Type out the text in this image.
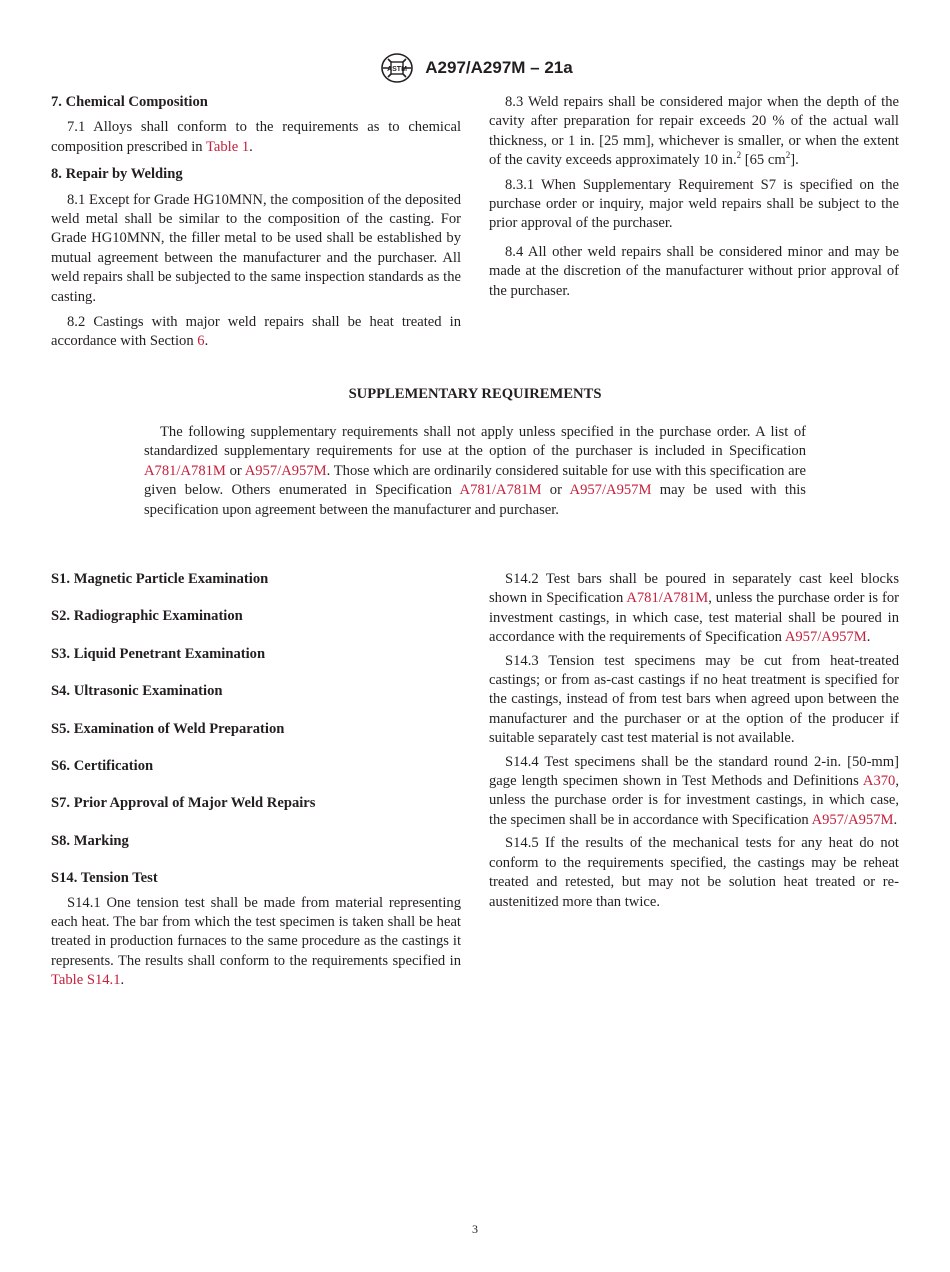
ASTM A297/A297M – 21a

7. Chemical Composition

7.1 Alloys shall conform to the requirements as to chemical composition prescribed in Table 1.

8. Repair by Welding

8.1 Except for Grade HG10MNN, the composition of the deposited weld metal shall be similar to the composition of the casting. For Grade HG10MNN, the filler metal to be used shall be established by mutual agreement between the manufacturer and the purchaser. All weld repairs shall be subjected to the same inspection standards as the casting.

8.2 Castings with major weld repairs shall be heat treated in accordance with Section 6.

8.3 Weld repairs shall be considered major when the depth of the cavity after preparation for repair exceeds 20 % of the actual wall thickness, or 1 in. [25 mm], whichever is smaller, or when the extent of the cavity exceeds approximately 10 in.$^2$ [65 $cm^2$].

8.3.1 When Supplementary Requirement S7 is specified on the purchase order or inquiry, major weld repairs shall be subject to the prior approval of the purchaser.

8.4 All other weld repairs shall be considered minor and may be made at the discretion of the manufacturer without prior approval of the purchaser.

SUPPLEMENTARY REQUIREMENTS

The following supplementary requirements shall not apply unless specified in the purchase order. A list of standardized supplementary requirements for use at the option of the purchaser is included in Specification A781/A781M or A957/A957M. Those which are ordinarily considered suitable for use with this specification are given below. Others enumerated in Specification A781/A781M or A957/A957M may be used with this specification upon agreement between the manufacturer and purchaser.

S1. Magnetic Particle Examination

S2. Radiographic Examination

S3. Liquid Penetrant Examination

S4. Ultrasonic Examination

S5. Examination of Weld Preparation

S6. Certification

S7. Prior Approval of Major Weld Repairs

S8. Marking

S14. Tension Test

S14.1 One tension test shall be made from material representing each heat. The bar from which the test specimen is taken shall be heat treated in production furnaces to the same procedure as the castings it represents. The results shall conform to the requirements specified in Table S14.1.

S14.2 Test bars shall be poured in separately cast keel blocks shown in Specification A781/A781M, unless the purchase order is for investment castings, in which case, test material shall be poured in accordance with the requirements of Specification A957/A957M.

S14.3 Tension test specimens may be cut from heat-treated castings; or from as-cast castings if no heat treatment is specified for the castings, instead of from test bars when agreed upon between the manufacturer and the purchaser or at the option of the producer if suitable separately cast test material is not available.

S14.4 Test specimens shall be the standard round 2-in. [50-mm] gage length specimen shown in Test Methods and Definitions A370, unless the purchase order is for investment castings, in which case, the specimen shall be in accordance with Specification A957/A957M.

S14.5 If the results of the mechanical tests for any heat do not conform to the requirements specified, the castings may be reheat treated and retested, but may not be solution heat treated or re-austenitized more than twice.

3
